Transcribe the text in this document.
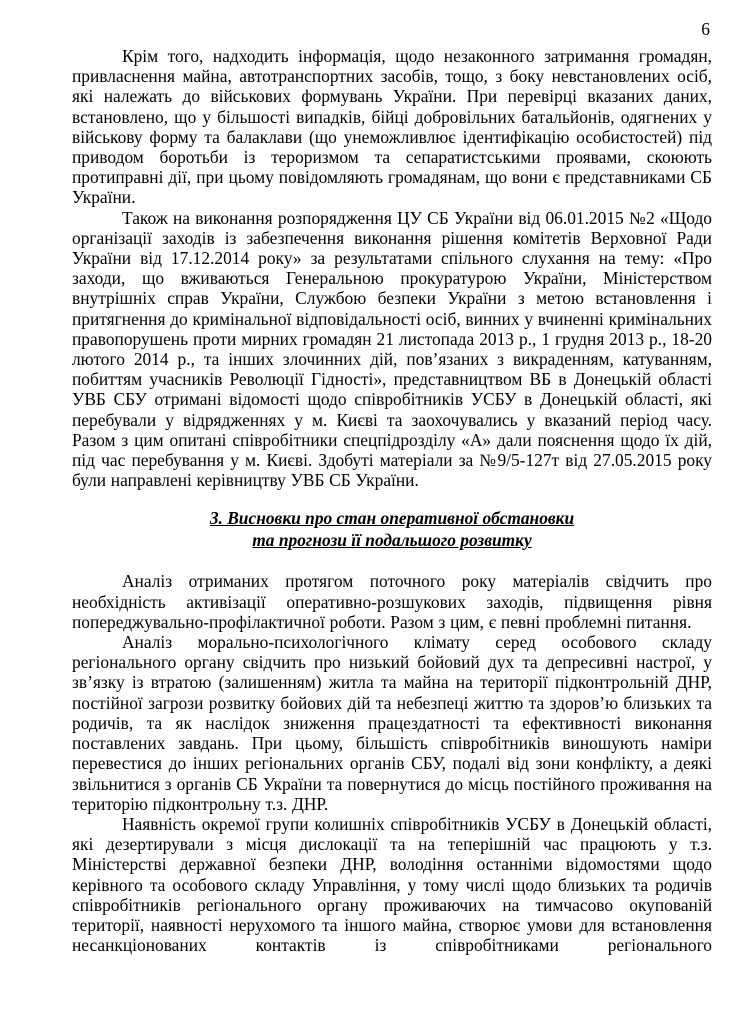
6

Крім того, надходить інформація, щодо незаконного затримання громадян, привласнення майна, автотранспортних засобів, тощо, з боку невстановлених осіб, які належать до військових формувань України. При перевірці вказаних даних, встановлено, що у більшості випадків, бійці добровільних батальйонів, одягнених у військову форму та балаклави (що унеможливлює ідентифікацію особистостей) під приводом боротьби із тероризмом та сепаратистськими проявами, скоюють протиправні дії, при цьому повідомляють громадянам, що вони є представниками СБ України.

Також на виконання розпорядження ЦУ СБ України від 06.01.2015 №2 «Щодо організації заходів із забезпечення виконання рішення комітетів Верховної Ради України від 17.12.2014 року» за результатами спільного слухання на тему: «Про заходи, що вживаються Генеральною прокуратурою України, Міністерством внутрішніх справ України, Службою безпеки України з метою встановлення і притягнення до кримінальної відповідальності осіб, винних у вчиненні кримінальних правопорушень проти мирних громадян 21 листопада 2013 р., 1 грудня 2013 р., 18-20 лютого 2014 р., та інших злочинних дій, пов’язаних з викраденням, катуванням, побиттям учасників Революції Гідності», представництвом ВБ в Донецькій області УВБ СБУ отримані відомості щодо співробітників УСБУ в Донецькій області, які перебували у відрядженнях у м. Києві та заохочувались у вказаний період часу. Разом з цим опитані співробітники спецпідрозділу «А» дали пояснення щодо їх дій, під час перебування у м. Києві. Здобуті матеріали за №9/5-127т від 27.05.2015 року були направлені керівництву УВБ СБ України.

3. Висновки про стан оперативної обстановки
та прогнози її подальшого розвитку

Аналіз отриманих протягом поточного року матеріалів свідчить про необхідність активізації оперативно-розшукових заходів, підвищення рівня попереджувально-профілактичної роботи. Разом з цим, є певні проблемні питання.

Аналіз морально-психологічного клімату серед особового складу регіонального органу свідчить про низький бойовий дух та депресивні настрої, у зв’язку із втратою (залишенням) житла та майна на території підконтрольній ДНР, постійної загрози розвитку бойових дій та небезпеці життю та здоров’ю близьких та родичів, та як наслідок зниження працездатності та ефективності виконання поставлених завдань. При цьому, більшість співробітників виношують наміри перевестися до інших регіональних органів СБУ, подалі від зони конфлікту, а деякі звільнитися з органів СБ України та повернутися до місць постійного проживання на територію підконтрольну т.з. ДНР.

Наявність окремої групи колишніх співробітників УСБУ в Донецькій області, які дезертирували з місця дислокації та на теперішній час працюють у т.з. Міністерстві державної безпеки ДНР, володіння останніми відомостями щодо керівного та особового складу Управління, у тому числі щодо близьких та родичів співробітників регіонального органу проживаючих на тимчасово окупованій території, наявності нерухомого та іншого майна, створює умови для встановлення несанкціонованих контактів із співробітниками регіонального
